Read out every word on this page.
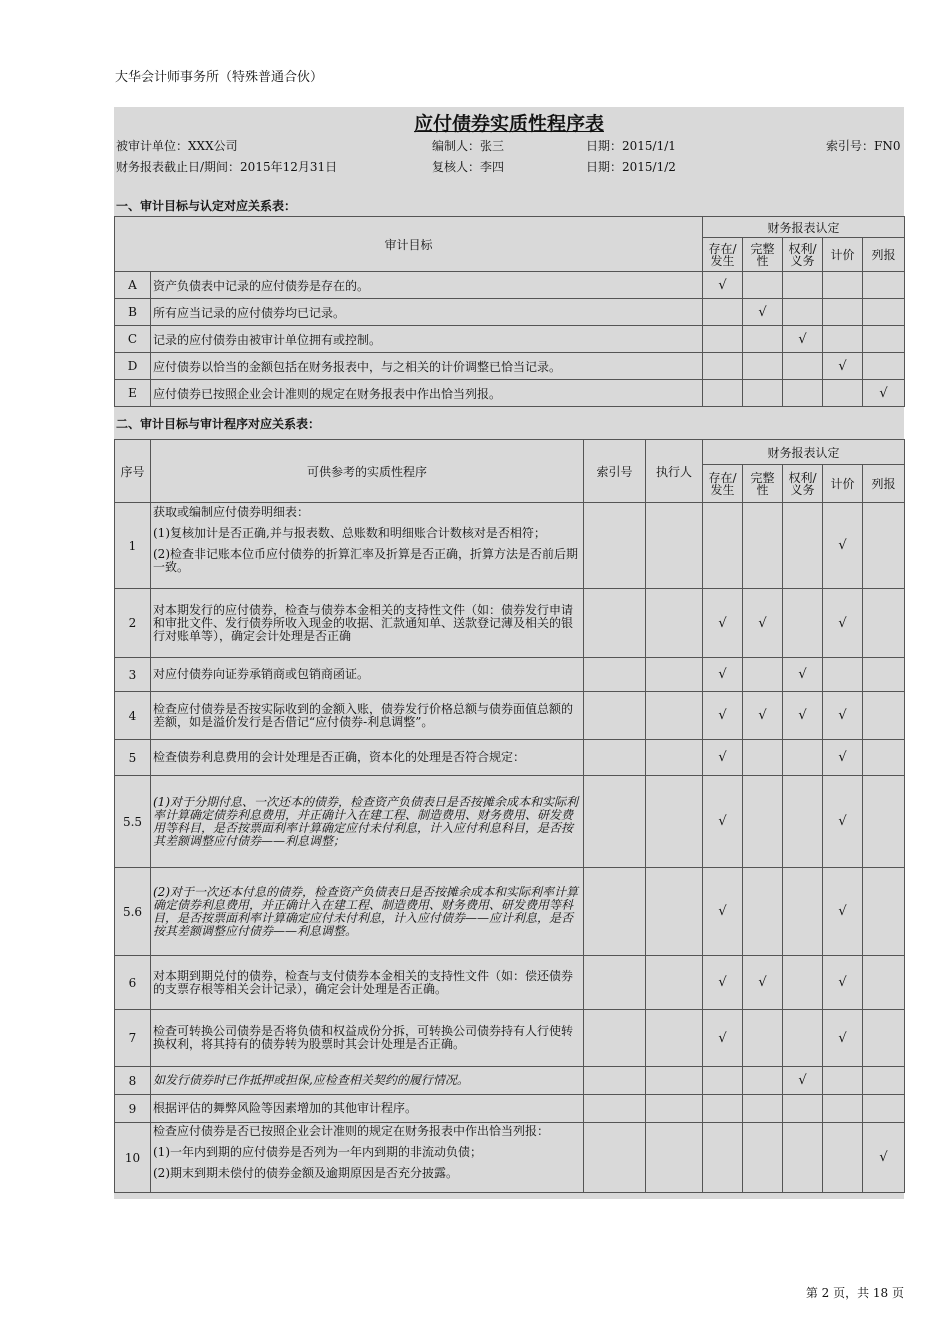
大华会计师事务所（特殊普通合伙）
应付债券实质性程序表
被审计单位：XXX公司	编制人：张三	日期：2015/1/1	索引号：FN0
财务报表截止日/期间：2015年12月31日	复核人：李四	日期：2015/1/2
一、审计目标与认定对应关系表：
审计目标		财务报表认定				
		存在/发生	完整性	权利/义务	计价	列报
A	资产负债表中记录的应付债券是存在的。	√				
B	所有应当记录的应付债券均已记录。		√			
C	记录的应付债券由被审计单位拥有或控制。			√		
D	应付债券以恰当的金额包括在财务报表中，与之相关的计价调整已恰当记录。				√	
E	应付债券已按照企业会计准则的规定在财务报表中作出恰当列报。					√
二、审计目标与审计程序对应关系表：
序号	可供参考的实质性程序	索引号	执行人	财务报表认定				
				存在/发生	完整性	权利/义务	计价	列报
1	获取或编制应付债券明细表：
(1)复核加计是否正确,并与报表数、总账数和明细账合计数核对是否相符；
(2)检查非记账本位币应付债券的折算汇率及折算是否正确，折算方法是否前后期一致。						√	
2	对本期发行的应付债券，检查与债券本金相关的支持性文件（如：债券发行申请和审批文件、发行债券所收入现金的收据、汇款通知单、送款登记薄及相关的银行对账单等），确定会计处理是否正确			√	√		√	
3	对应付债券向证券承销商或包销商函证。			√		√		
4	检查应付债券是否按实际收到的金额入账，债券发行价格总额与债券面值总额的差额，如是溢价发行是否借记“应付债券-利息调整”。			√	√	√	√	
5	检查债券利息费用的会计处理是否正确，资本化的处理是否符合规定：			√			√	
5.5	(1)对于分期付息、一次还本的债券，检查资产负债表日是否按摊余成本和实际利率计算确定债券利息费用，并正确计入在建工程、制造费用、财务费用、研发费用等科目，是否按票面利率计算确定应付未付利息，计入应付利息科目，是否按其差额调整应付债券——利息调整；			√			√	
5.6	(2)对于一次还本付息的债券，检查资产负债表日是否按摊余成本和实际利率计算确定债券利息费用，并正确计入在建工程、制造费用、财务费用、研发费用等科目，是否按票面利率计算确定应付未付利息，计入应付债券——应计利息，是否按其差额调整应付债券——利息调整。			√			√	
6	对本期到期兑付的债券，检查与支付债券本金相关的支持性文件（如：偿还债券的支票存根等相关会计记录），确定会计处理是否正确。			√	√		√	
7	检查可转换公司债券是否将负债和权益成份分拆，可转换公司债券持有人行使转换权利，将其持有的债券转为股票时其会计处理是否正确。			√			√	
8	如发行债券时已作抵押或担保,应检查相关契约的履行情况。					√		
9	根据评估的舞弊风险等因素增加的其他审计程序。							

10	检查应付债券是否已按照企业会计准则的规定在财务报表中作出恰当列报：
(1)一年内到期的应付债券是否列为一年内到期的非流动负债；
(2)期末到期未偿付的债券金额及逾期原因是否充分披露。							√
第 2 页，共 18 页
